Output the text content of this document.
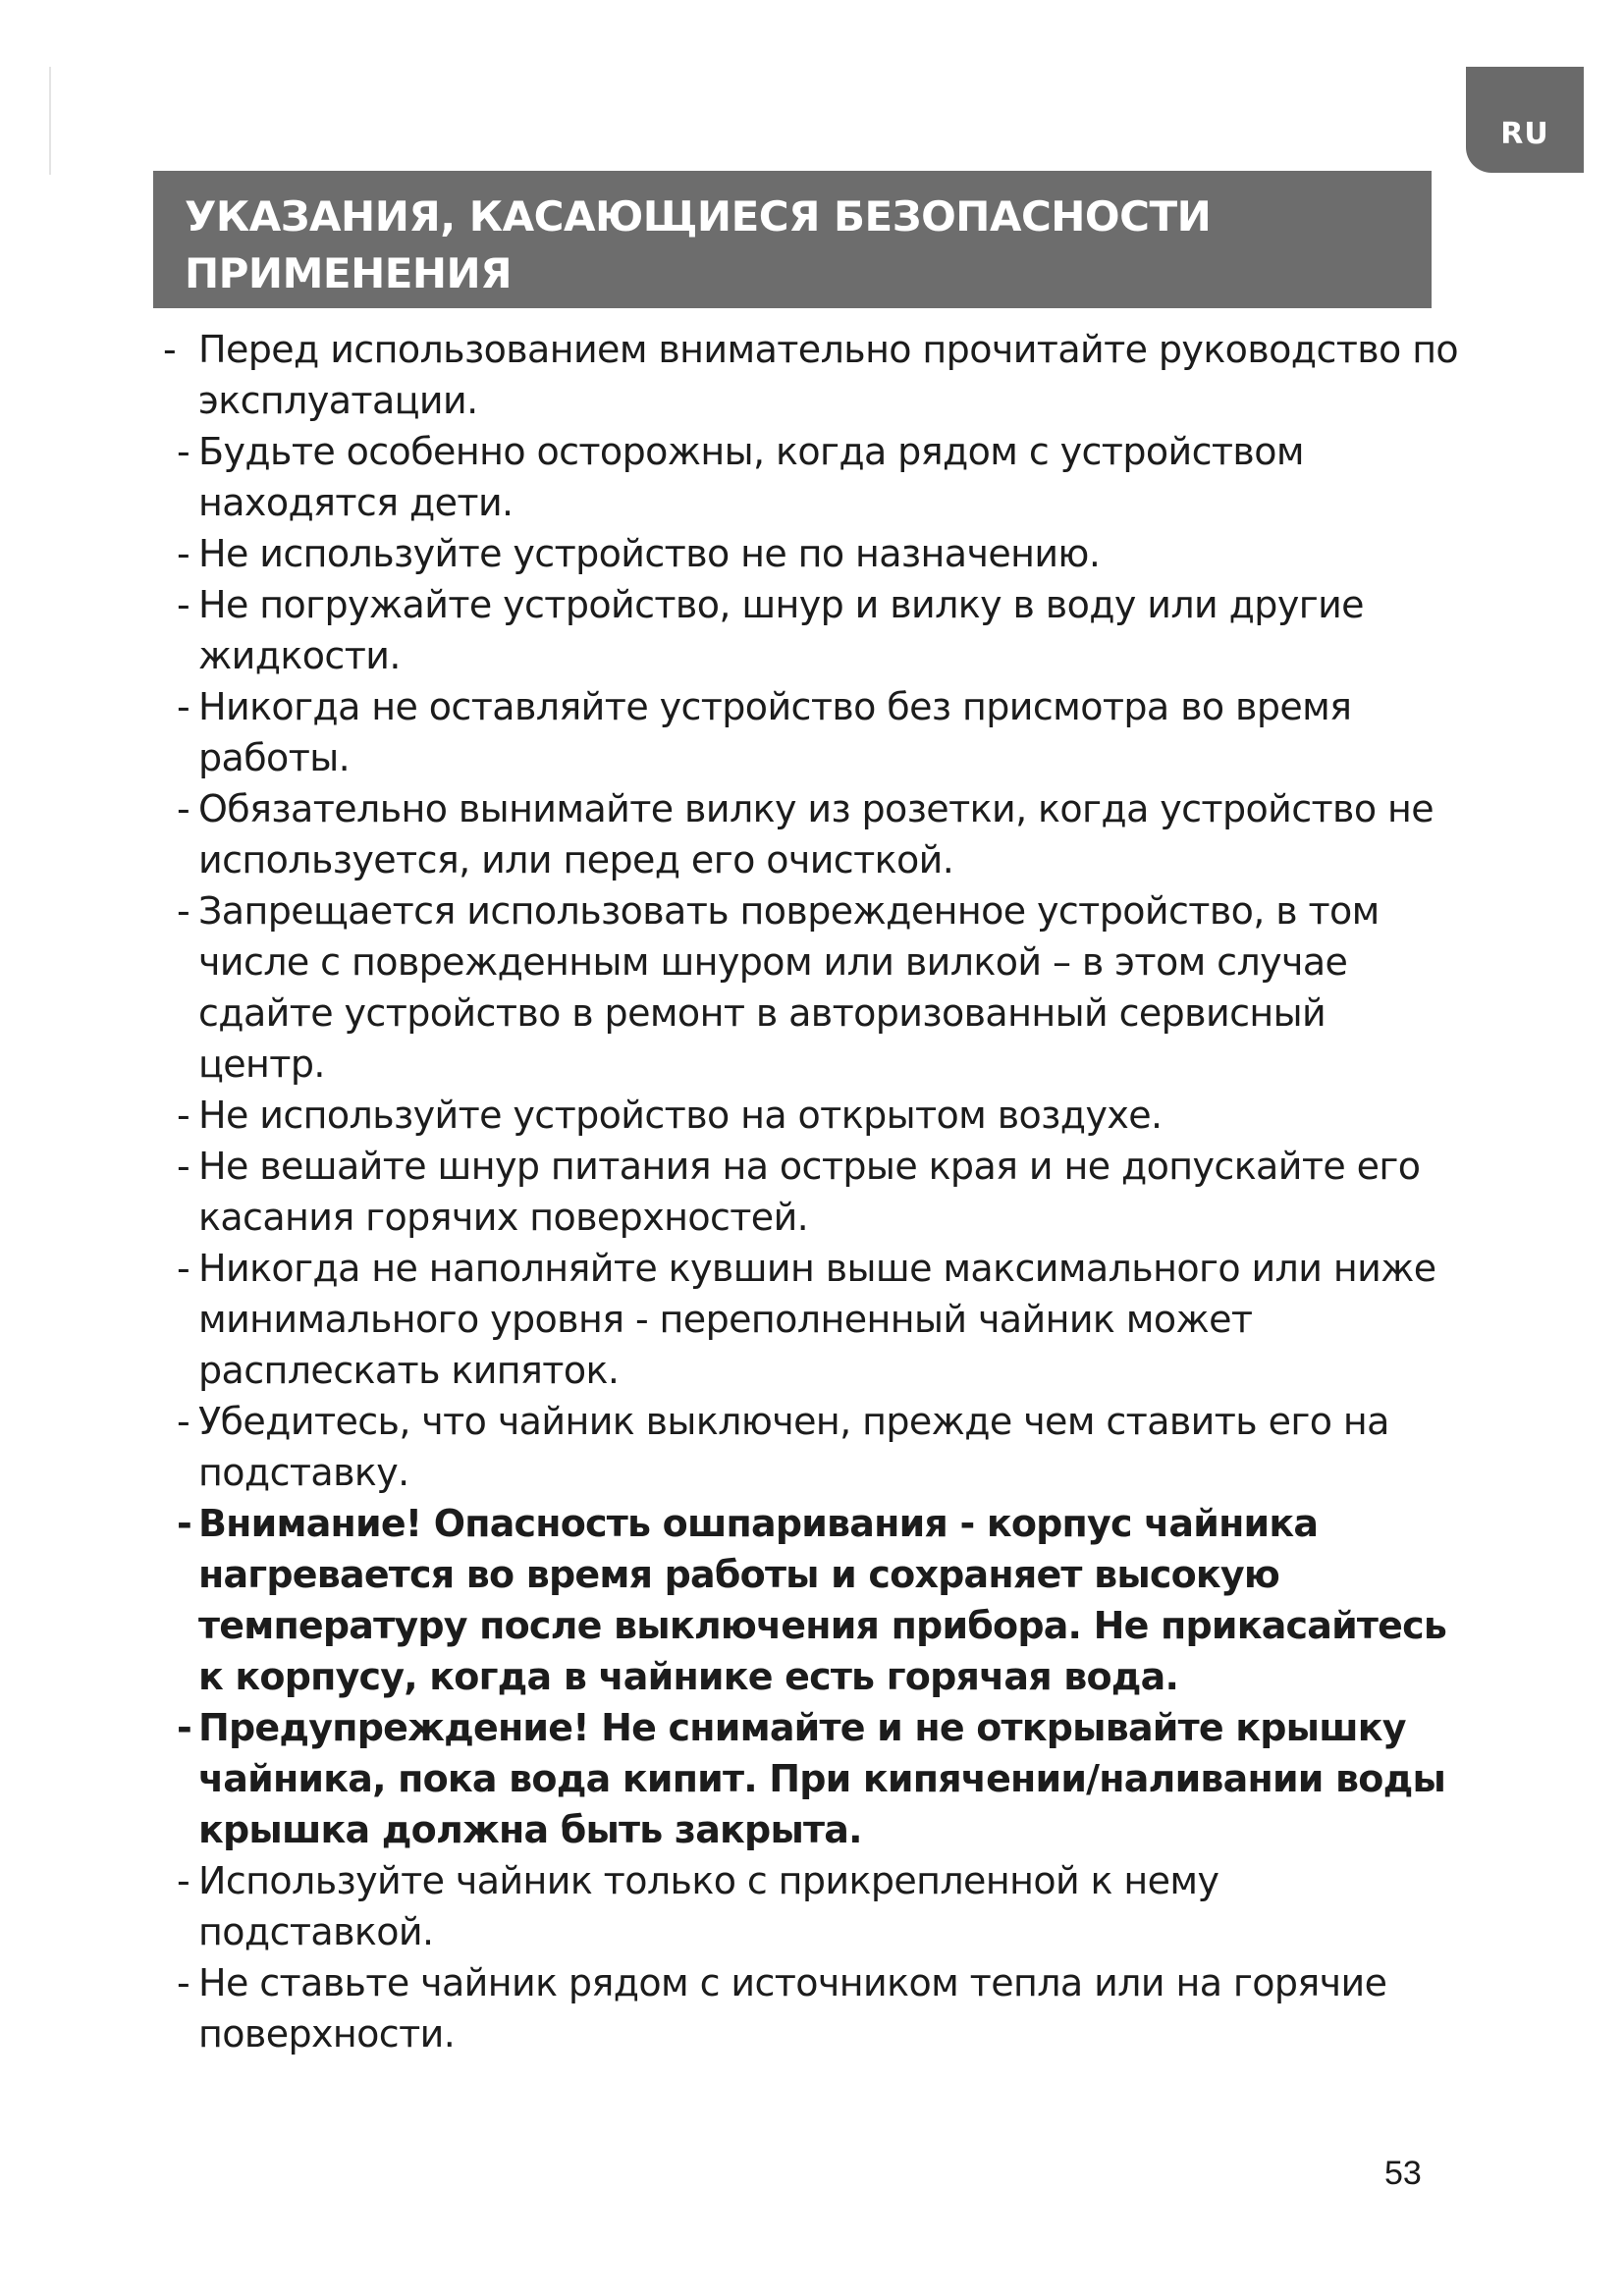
RU

УКАЗАНИЯ, КАСАЮЩИЕСЯ БЕЗОПАСНОСТИ
ПРИМЕНЕНИЯ

- Перед использованием внимательно прочитайте руководство по эксплуатации.
- Будьте особенно осторожны, когда рядом с устройством находятся дети.
- Не используйте устройство не по назначению.
- Не погружайте устройство, шнур и вилку в воду или другие жидкости.
- Никогда не оставляйте устройство без присмотра во время работы.
- Обязательно вынимайте вилку из розетки, когда устройство не используется, или перед его очисткой.
- Запрещается использовать поврежденное устройство, в том числе с поврежденным шнуром или вилкой – в этом случае сдайте устройство в ремонт в авторизованный сервисный центр.
- Не используйте устройство на открытом воздухе.
- Не вешайте шнур питания на острые края и не допускайте его касания горячих поверхностей.
- Никогда не наполняйте кувшин выше максимального или ниже минимального уровня - переполненный чайник может расплескать кипяток.
- Убедитесь, что чайник выключен, прежде чем ставить его на подставку.
- Внимание! Опасность ошпаривания - корпус чайника нагревается во время работы и сохраняет высокую температуру после выключения прибора. Не прикасайтесь к корпусу, когда в чайнике есть горячая вода.
- Предупреждение! Не снимайте и не открывайте крышку чайника, пока вода кипит. При кипячении/наливании воды крышка должна быть закрыта.
- Используйте чайник только с прикрепленной к нему подставкой.
- Не ставьте чайник рядом с источником тепла или на горячие поверхности.
53
